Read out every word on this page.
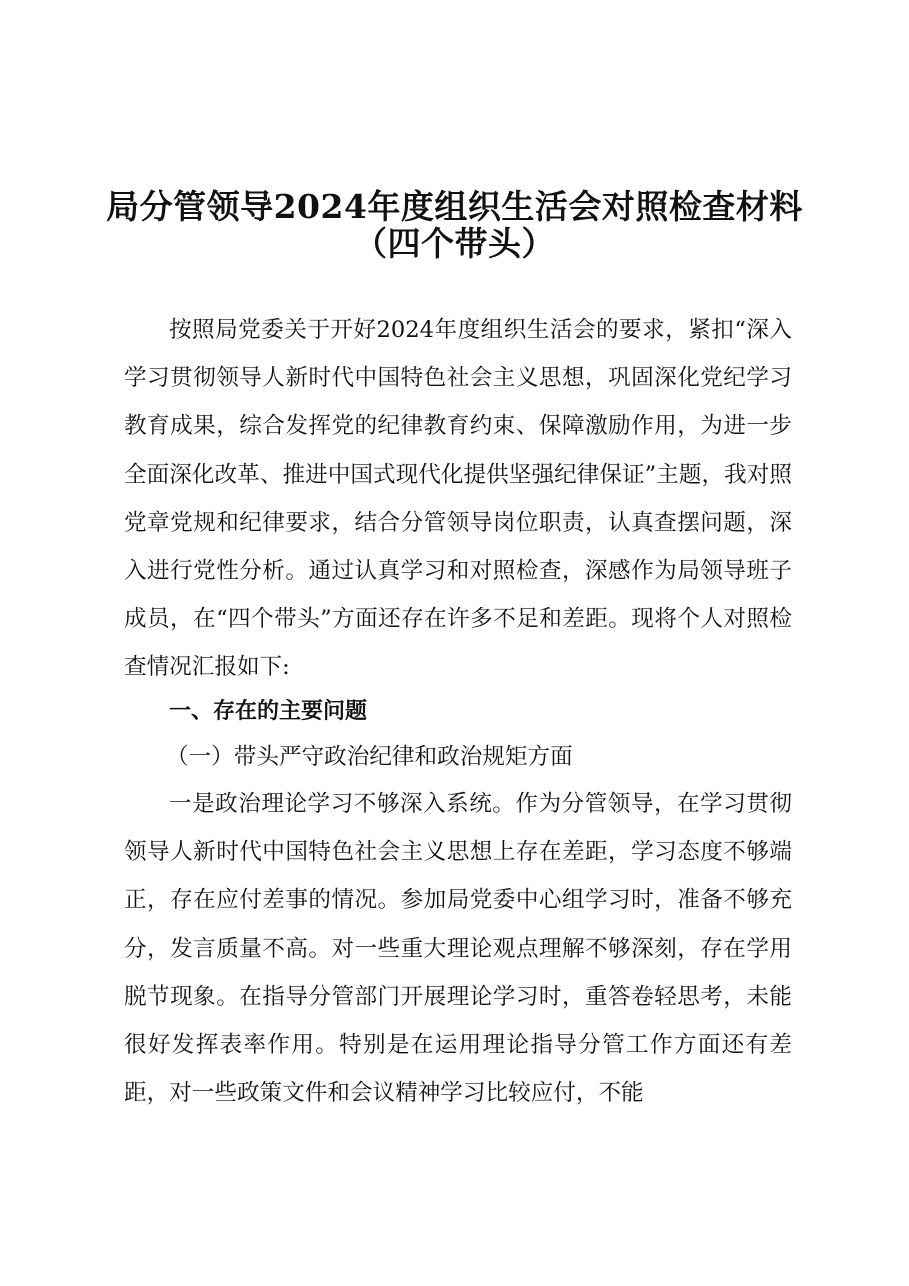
局分管领导2024年度组织生活会对照检查材料
（四个带头）

按照局党委关于开好2024年度组织生活会的要求，紧扣“深入学习贯彻领导人新时代中国特色社会主义思想，巩固深化党纪学习教育成果，综合发挥党的纪律教育约束、保障激励作用，为进一步全面深化改革、推进中国式现代化提供坚强纪律保证”主题，我对照党章党规和纪律要求，结合分管领导岗位职责，认真查摆问题，深入进行党性分析。通过认真学习和对照检查，深感作为局领导班子成员，在“四个带头”方面还存在许多不足和差距。现将个人对照检查情况汇报如下:

一、存在的主要问题
（一）带头严守政治纪律和政治规矩方面

一是政治理论学习不够深入系统。作为分管领导，在学习贯彻领导人新时代中国特色社会主义思想上存在差距，学习态度不够端正，存在应付差事的情况。参加局党委中心组学习时，准备不够充分，发言质量不高。对一些重大理论观点理解不够深刻，存在学用脱节现象。在指导分管部门开展理论学习时，重答卷轻思考，未能很好发挥表率作用。特别是在运用理论指导分管工作方面还有差距，对一些政策文件和会议精神学习比较应付，不能
